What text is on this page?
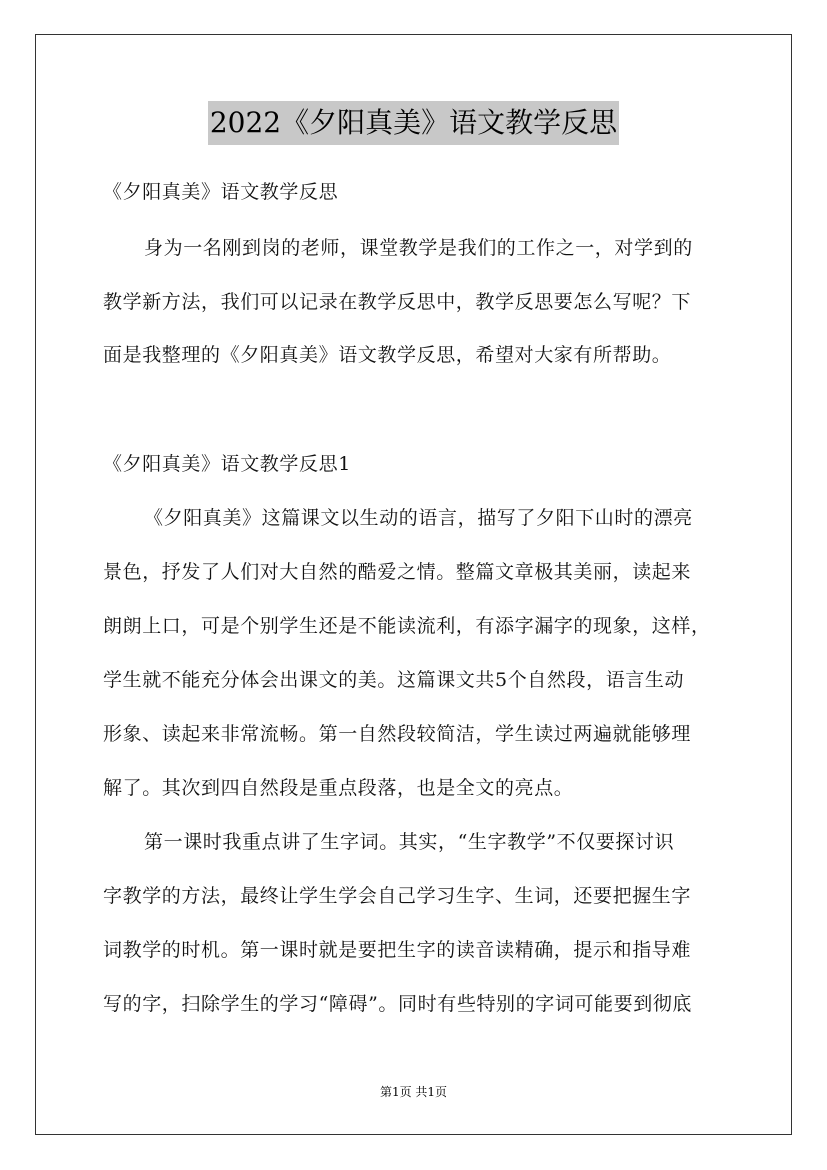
2022《夕阳真美》语文教学反思
《夕阳真美》语文教学反思
身为一名刚到岗的老师，课堂教学是我们的工作之一，对学到的
教学新方法，我们可以记录在教学反思中，教学反思要怎么写呢？下
面是我整理的《夕阳真美》语文教学反思，希望对大家有所帮助。
《夕阳真美》语文教学反思1
《夕阳真美》这篇课文以生动的语言，描写了夕阳下山时的漂亮
景色，抒发了人们对大自然的酷爱之情。整篇文章极其美丽，读起来
朗朗上口，可是个别学生还是不能读流利，有添字漏字的现象，这样，
学生就不能充分体会出课文的美。这篇课文共5个自然段，语言生动
形象、读起来非常流畅。第一自然段较简洁，学生读过两遍就能够理
解了。其次到四自然段是重点段落，也是全文的亮点。
第一课时我重点讲了生字词。其实，“生字教学”不仅要探讨识
字教学的方法，最终让学生学会自己学习生字、生词，还要把握生字
词教学的时机。第一课时就是要把生字的读音读精确，提示和指导难
写的字，扫除学生的学习“障碍”。同时有些特别的字词可能要到彻底
第1页 共1页
